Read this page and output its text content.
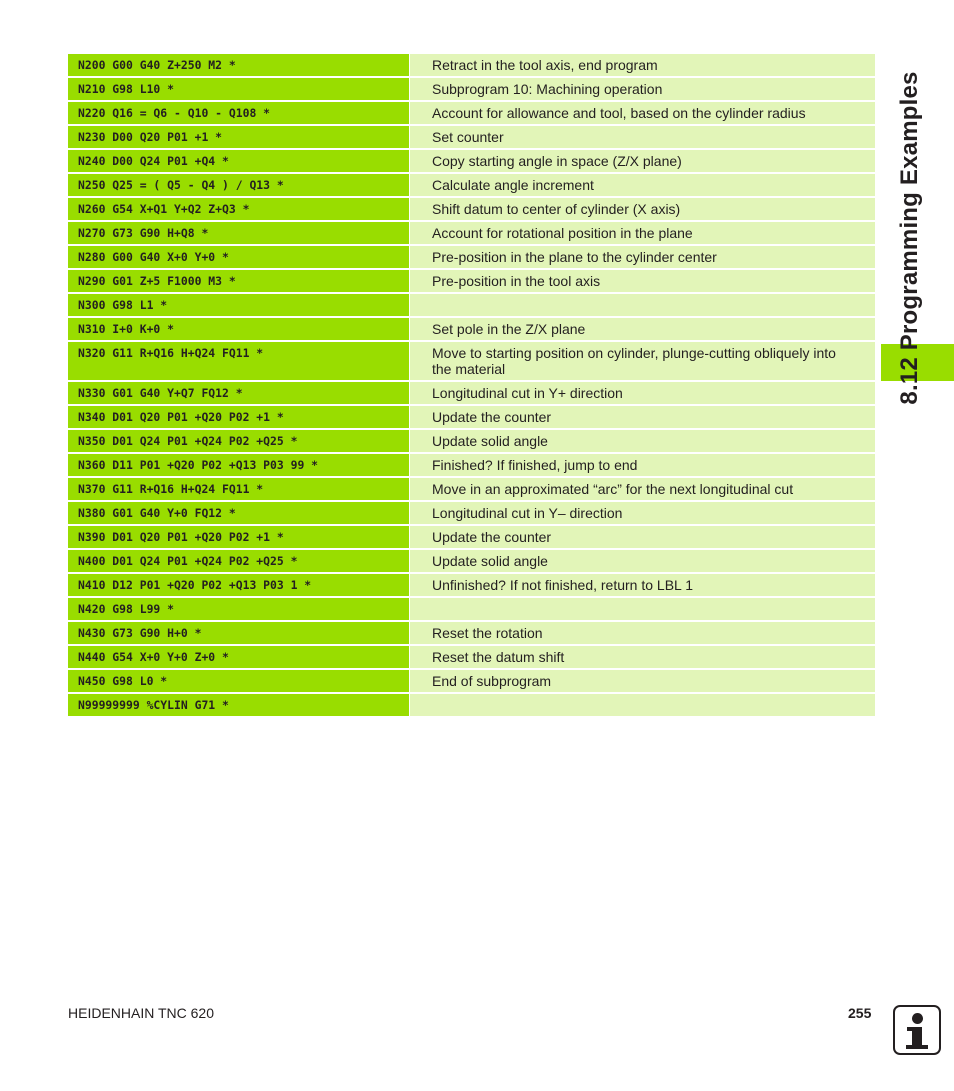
N200 G00 G40 Z+250 M2 *	Retract in the tool axis, end program
N210 G98 L10 *	Subprogram 10: Machining operation
N220 Q16 = Q6 - Q10 - Q108 *	Account for allowance and tool, based on the cylinder radius
N230 D00 Q20 P01 +1 *	Set counter
N240 D00 Q24 P01 +Q4 *	Copy starting angle in space (Z/X plane)
N250 Q25 = ( Q5 - Q4 ) / Q13 *	Calculate angle increment
N260 G54 X+Q1 Y+Q2 Z+Q3 *	Shift datum to center of cylinder (X axis)
N270 G73 G90 H+Q8 *	Account for rotational position in the plane
N280 G00 G40 X+0 Y+0 *	Pre-position in the plane to the cylinder center
N290 G01 Z+5 F1000 M3 *	Pre-position in the tool axis
N300 G98 L1 *
N310 I+0 K+0 *	Set pole in the Z/X plane
N320 G11 R+Q16 H+Q24 FQ11 *	Move to starting position on cylinder, plunge-cutting obliquely into the material
N330 G01 G40 Y+Q7 FQ12 *	Longitudinal cut in Y+ direction
N340 D01 Q20 P01 +Q20 P02 +1 *	Update the counter
N350 D01 Q24 P01 +Q24 P02 +Q25 *	Update solid angle
N360 D11 P01 +Q20 P02 +Q13 P03 99 *	Finished? If finished, jump to end
N370 G11 R+Q16 H+Q24 FQ11 *	Move in an approximated “arc” for the next longitudinal cut
N380 G01 G40 Y+0 FQ12 *	Longitudinal cut in Y– direction
N390 D01 Q20 P01 +Q20 P02 +1 *	Update the counter
N400 D01 Q24 P01 +Q24 P02 +Q25 *	Update solid angle
N410 D12 P01 +Q20 P02 +Q13 P03 1 *	Unfinished? If not finished, return to LBL 1
N420 G98 L99 *
N430 G73 G90 H+0 *	Reset the rotation
N440 G54 X+0 Y+0 Z+0 *	Reset the datum shift
N450 G98 L0 *	End of subprogram
N99999999 %CYLIN G71 *
8.12 Programming Examples
HEIDENHAIN TNC 620	255
